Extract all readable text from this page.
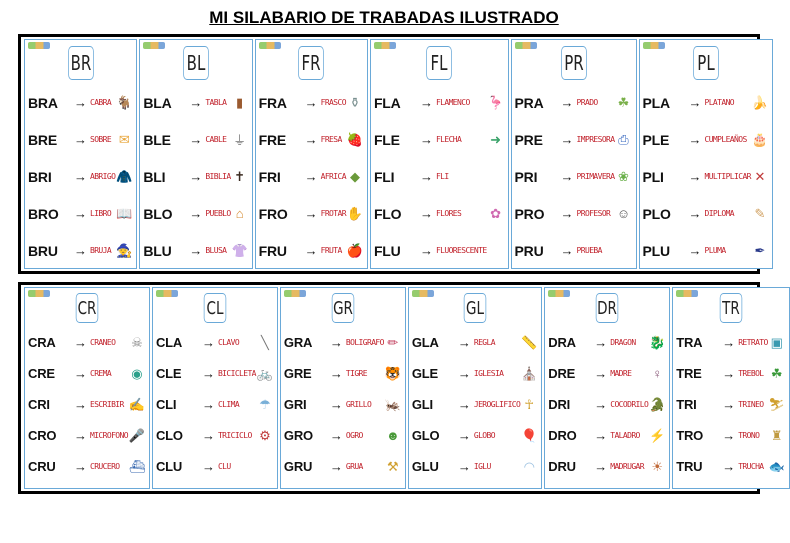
MI SILABARIO DE TRABADAS ILUSTRADO
BR
BRA	→ CABRA 🐐
BRE	→ SOBRE ✉
BRI	→ ABRIGO 🧥
BRO	→ LIBRO 📖
BRU	→ BRUJA 🧙
BL
BLA	→ TABLA ▮
BLE	→ CABLE ⏚
BLI	→ BIBLIA ✝
BLO	→ PUEBLO ⌂
BLU	→ BLUSA 👚
FR
FRA	→ FRASCO ⚱
FRE	→ FRESA 🍓
FRI	→ AFRICA ◆
FRO	→ FROTAR ✋
FRU	→ FRUTA 🍎
FL
FLA	→ FLAMENCO	🦩
FLE	→ FLECHA	➜
FLI	→ FLI
FLO	→ FLORES	✿
FLU	→ FLUORESCENTE
PR
PRA	→ PRADO	☘
PRE	→ IMPRESORA ⎙
PRI	→ PRIMAVERA ❀
PRO	→ PROFESOR ☺
PRU	→ PRUEBA
PL
PLA	→ PLATANO	🍌
PLE	→ CUMPLEAÑOS 🎂
PLI	→ MULTIPLICAR ✕
PLO	→ DIPLOMA	✎
PLU	→ PLUMA	✒
CR
CRA	→ CRANEO	☠
CRE	→ CREMA	◉
CRI	→ ESCRIBIR ✍
CRO	→ MICROFONO 🎤
CRU	→ CRUCERO ⛴
CL
CLA	→ CLAVO	╲
CLE	→ BICICLETA 🚲
CLI	→ CLIMA	☂
CLO	→ TRICICLO ⚙
CLU	→ CLU
GR
GRA	→ BOLIGRAFO ✏
GRE	→ TIGRE	🐯
GRI	→ GRILLO	🦗
GRO	→ OGRO	☻
GRU	→ GRUA	⚒
GL
GLA	→ REGLA	📏
GLE	→ IGLESIA	⛪
GLI	→ JEROGLIFICO ☥
GLO	→ GLOBO	🎈
GLU	→ IGLU	◠
DR
DRA	→ DRAGON	🐉
DRE	→ MADRE	♀
DRI	→ COCODRILO 🐊
DRO	→ TALADRO ⚡
DRU	→ MADRUGAR ☀
TR
TRA	→ RETRATO ▣
TRE	→ TREBOL ☘
TRI	→ TRINEO ⛷
TRO	→ TRONO ♜
TRU	→ TRUCHA 🐟
